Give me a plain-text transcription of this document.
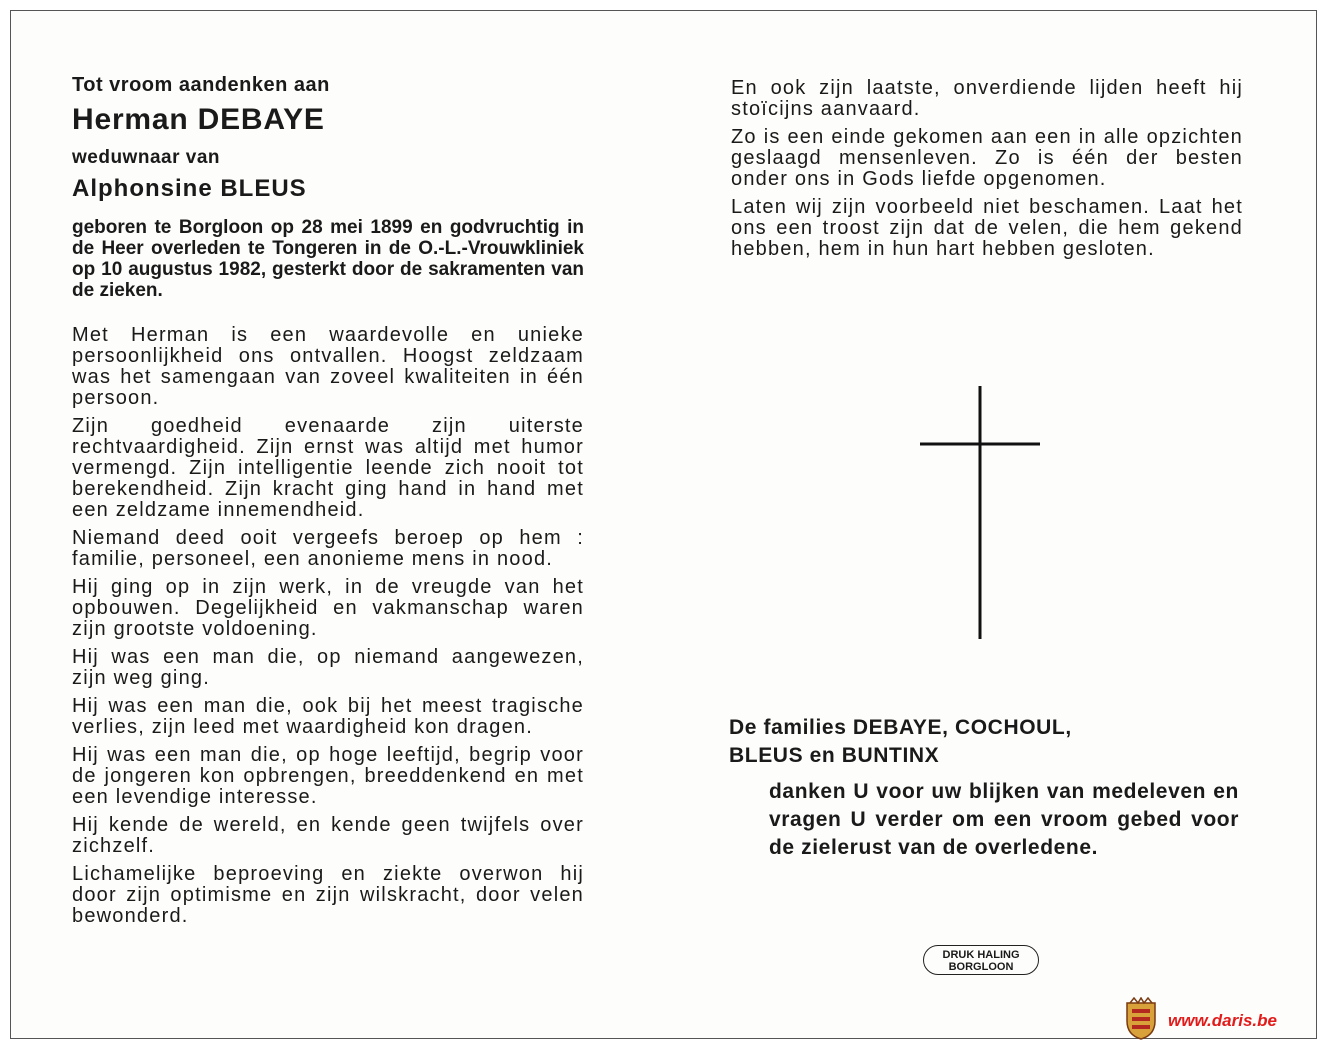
Tot vroom aandenken aan
Herman DEBAYE
weduwnaar van
Alphonsine BLEUS
geboren te Borgloon op 28 mei 1899 en godvruchtig in de Heer overleden te Tongeren in de O.-L.-Vrouwkliniek op 10 augustus 1982, gesterkt door de sakramenten van de zieken.
Met Herman is een waardevolle en unieke persoonlijkheid ons ontvallen. Hoogst zeldzaam was het samengaan van zoveel kwaliteiten in één persoon.
Zijn goedheid evenaarde zijn uiterste rechtvaardigheid. Zijn ernst was altijd met humor vermengd. Zijn intelligentie leende zich nooit tot berekendheid. Zijn kracht ging hand in hand met een zeldzame innemendheid.
Niemand deed ooit vergeefs beroep op hem : familie, personeel, een anonieme mens in nood.
Hij ging op in zijn werk, in de vreugde van het opbouwen. Degelijkheid en vakmanschap waren zijn grootste voldoening.
Hij was een man die, op niemand aangewezen, zijn weg ging.
Hij was een man die, ook bij het meest tragische verlies, zijn leed met waardigheid kon dragen.
Hij was een man die, op hoge leeftijd, begrip voor de jongeren kon opbrengen, breeddenkend en met een levendige interesse.
Hij kende de wereld, en kende geen twijfels over zichzelf.
Lichamelijke beproeving en ziekte overwon hij door zijn optimisme en zijn wilskracht, door velen bewonderd.
En ook zijn laatste, onverdiende lijden heeft hij stoïcijns aanvaard.
Zo is een einde gekomen aan een in alle opzichten geslaagd mensenleven. Zo is één der besten onder ons in Gods liefde opgenomen.
Laten wij zijn voorbeeld niet beschamen. Laat het ons een troost zijn dat de velen, die hem gekend hebben, hem in hun hart hebben gesloten.
De families DEBAYE, COCHOUL,
BLEUS en BUNTINX
danken U voor uw blijken van medeleven en vragen U verder om een vroom gebed voor de zielerust van de overledene.
DRUK HALING
BORGLOON
www.daris.be
